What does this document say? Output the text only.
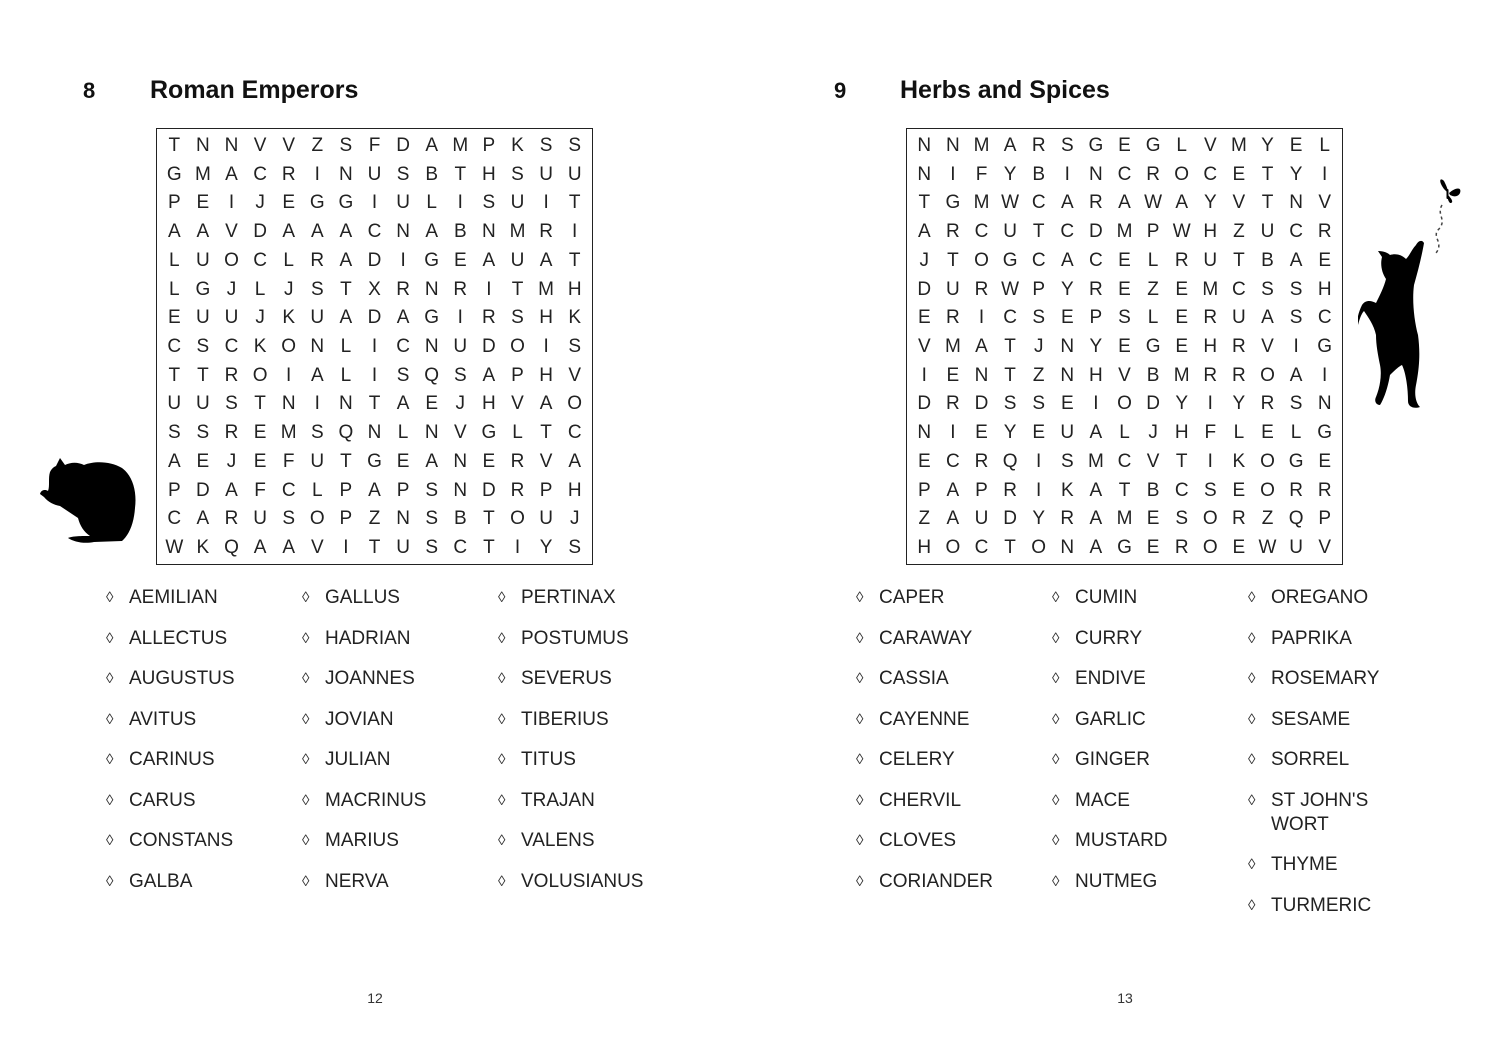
8 Roman Emperors
T N N V V Z S F D A M P K S S
G M A C R	I	N U S B T H S U U
P E	I	J E G G I	U L	I	S U	I	T
A A V D A A A C N A B N M R	I
L U O C L R A D	I G E A U A T
L G J L J S T X R N R	I	T M H
E U U J K U A D A G I	R S H K
C S C K O N L	I	C N U D O I	S
T T R O I	A L	I	S Q S A P H V
U U S T N	I	N T A E J H V A O
S S R E M S Q N L N V G L T C
A E J E F U T G E A N E R V A
P D A F C L P A P S N D R P H
C A R U S O P Z N S B T O U J
W K Q A A V	I	T U S C T	I	Y S
◊ AEMILIAN
◊ ALLECTUS
◊ AUGUSTUS
◊ AVITUS
◊ CARINUS
◊ CARUS
◊ CONSTANS
◊ GALBA
◊ GALLUS
◊ HADRIAN
◊ JOANNES
◊ JOVIAN
◊ JULIAN
◊ MACRINUS
◊ MARIUS
◊ NERVA
◊ PERTINAX
◊ POSTUMUS
◊ SEVERUS
◊ TIBERIUS
◊ TITUS
◊ TRAJAN
◊ VALENS
◊ VOLUSIANUS
12
9 Herbs and Spices
N N M A R S G E G L V M Y E L
N	I	F Y B	I	N C R O C E T Y	I
T G M W C A R A W A Y V T N V
A R C U T C D M P W H Z U C R
J T O G C A C E L R U T B A E
D U R W P Y R E Z E M C S S H
E R	I	C S E P S L E R U A S C
V M A T J N Y E G E H R V	I G
I	E N T Z N H V B M R R O A	I
D R D S S E	I O D Y	I	Y R S N
N	I	E Y E U A L J H F L E L G
E C R Q I	S M C V T	I	K O G E
P A P R	I	K A T B C S E O R R
Z A U D Y R A M E S O R Z Q P
H O C T O N A G E R O E W U V
◊ CAPER
◊ CARAWAY
◊ CASSIA
◊ CAYENNE
◊ CELERY
◊ CHERVIL
◊ CLOVES
◊ CORIANDER
◊ CUMIN
◊ CURRY
◊ ENDIVE
◊ GARLIC
◊ GINGER
◊ MACE
◊ MUSTARD
◊ NUTMEG
◊ OREGANO
◊ PAPRIKA
◊ ROSEMARY
◊ SESAME
◊ SORREL
◊ ST JOHN'S
WORT
◊ THYME
◊ TURMERIC
13
